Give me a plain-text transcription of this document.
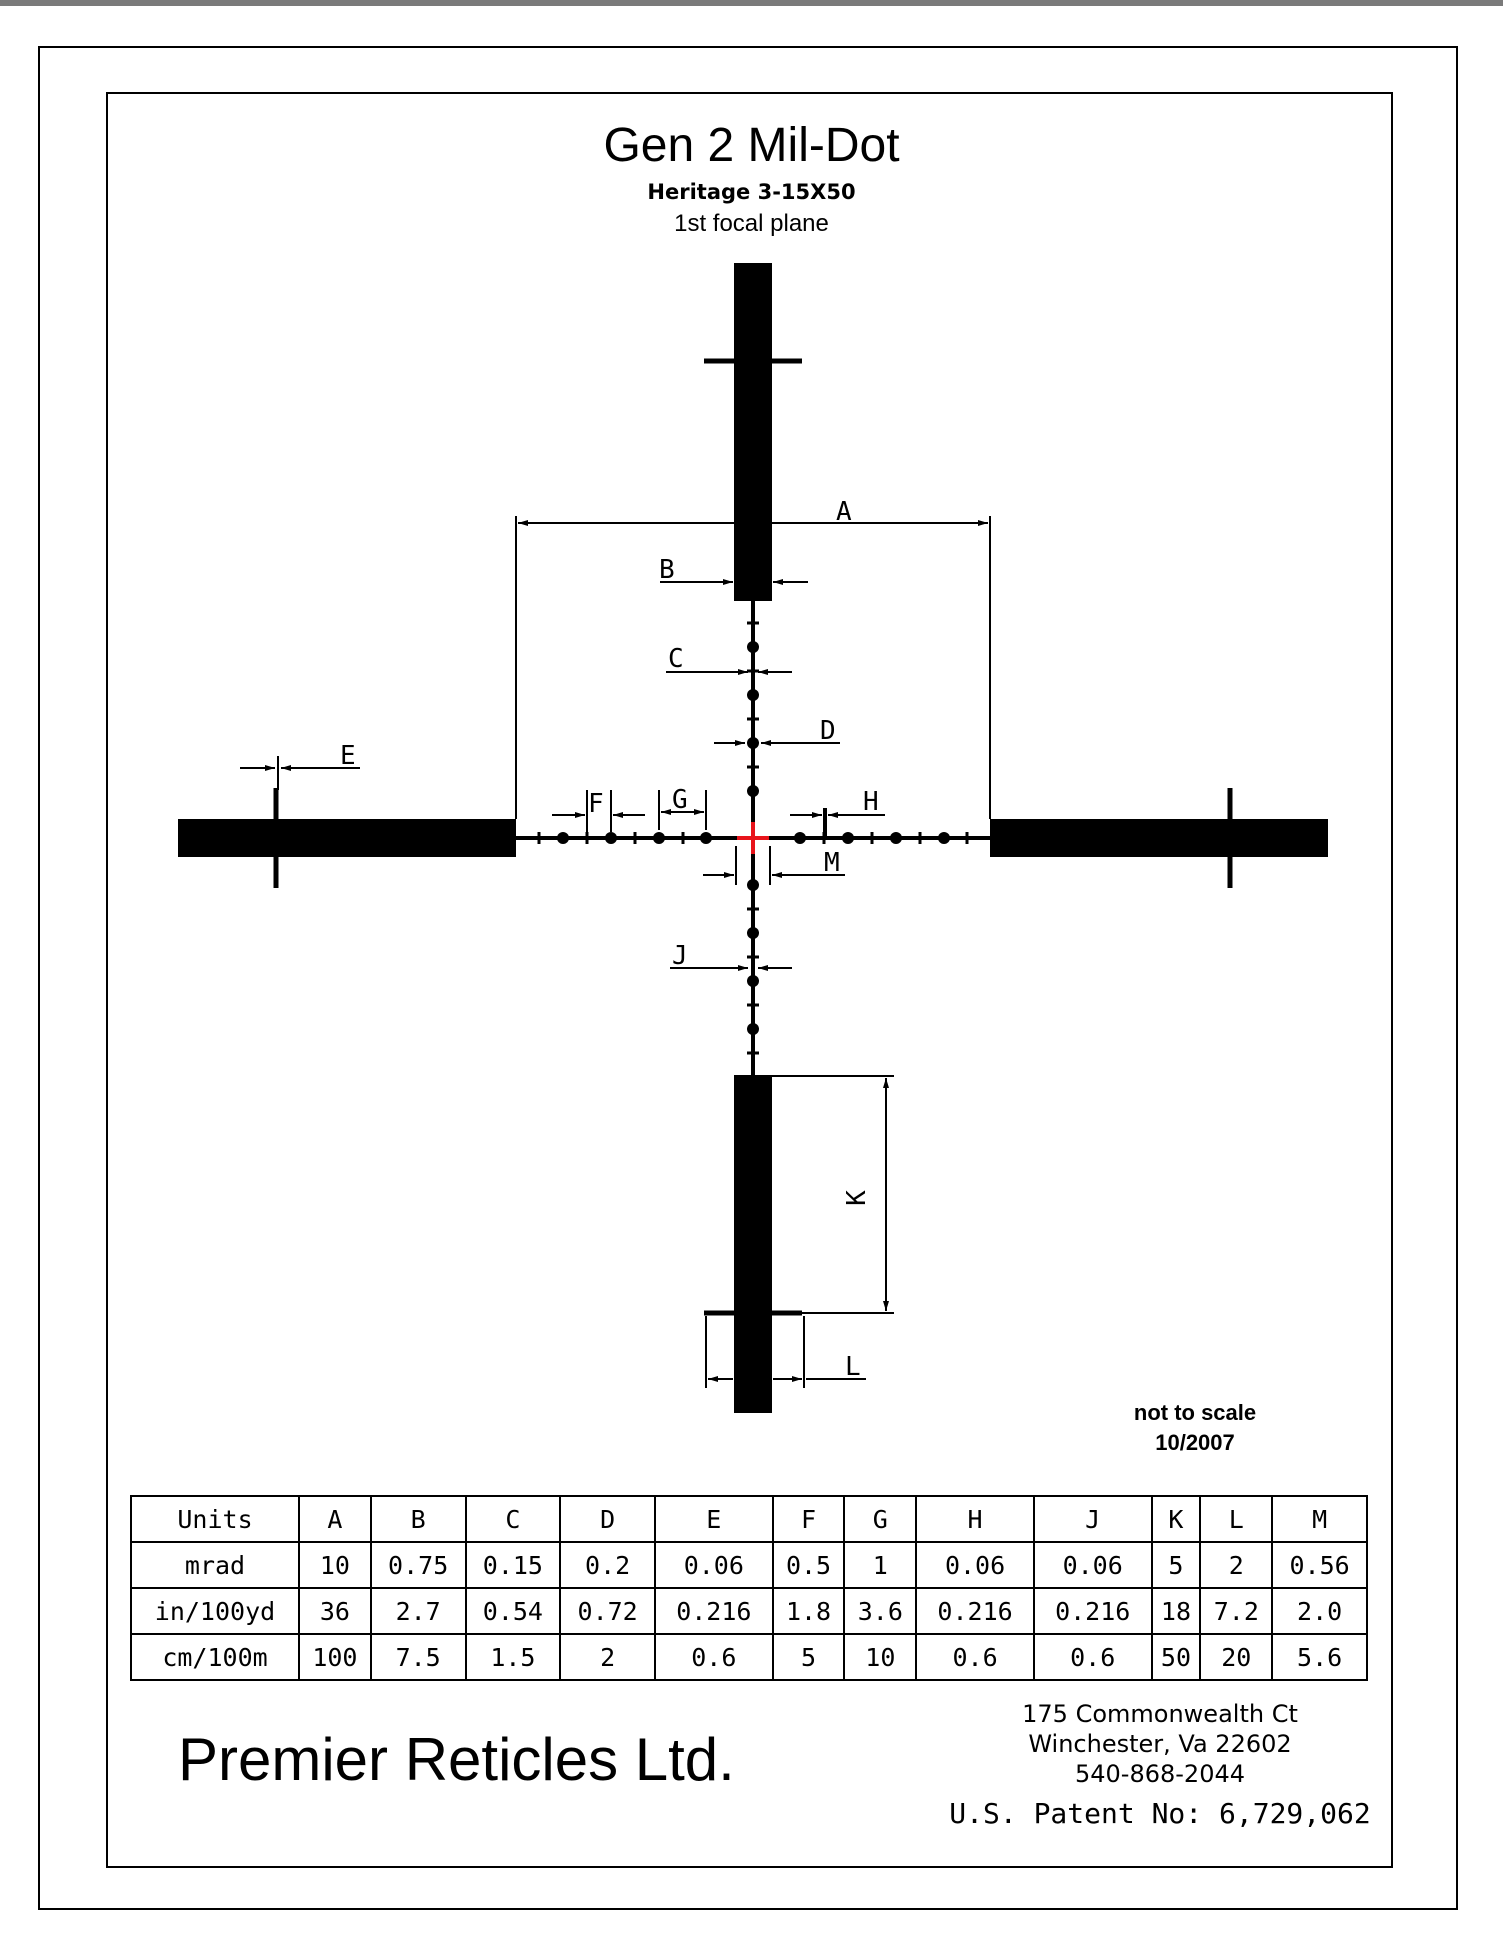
Gen 2 Mil-Dot
Heritage 3-15X50
1st focal plane
A
B
C
D
E
F	G	H
M
J
K
L
not to scale
10/2007
Units	A	B	C	D	E	F	G	H	J	K	L	M
mrad	10	0.75	0.15	0.2	0.06	0.5	1	0.06	0.06	5	2	0.56
in/100yd	36	2.7	0.54	0.72	0.216	1.8	3.6	0.216	0.216	18	7.2	2.0
cm/100m	100	7.5	1.5	2	0.6	5	10	0.6	0.6	50	20	5.6
Premier Reticles Ltd.
175 Commonwealth Ct
Winchester, Va 22602
540-868-2044
U.S. Patent No: 6,729,062
